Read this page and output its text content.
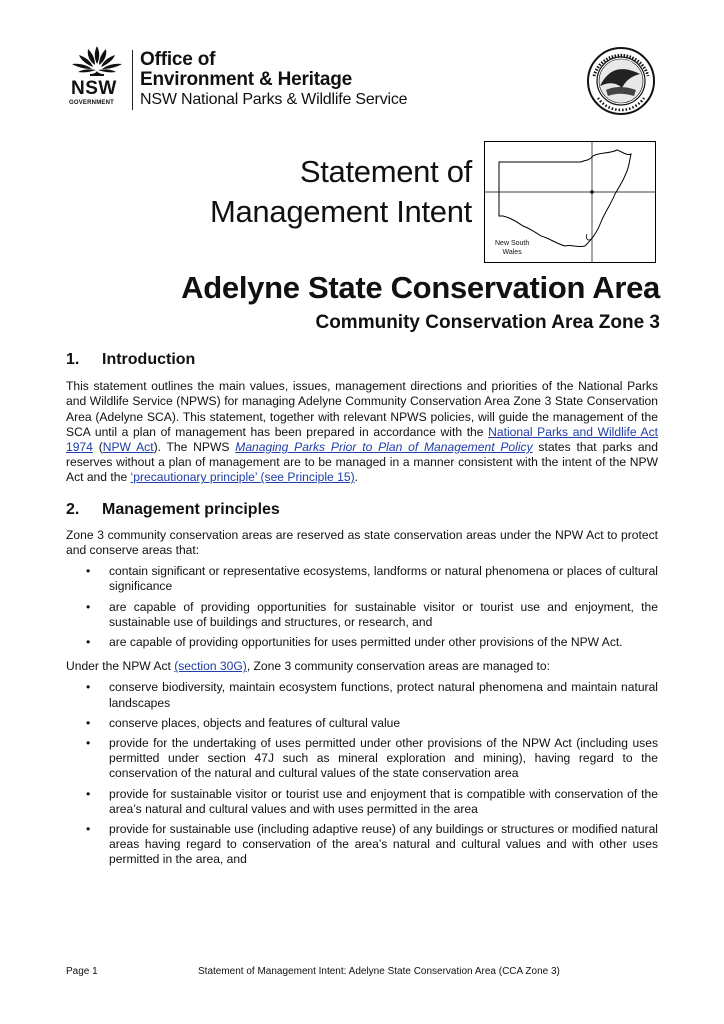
NSW
GOVERNMENT
Office of
Environment & Heritage
NSW National Parks & Wildlife Service
Statement of
Management Intent
New South
Wales
Adelyne State Conservation Area
Community Conservation Area Zone 3
1.	Introduction

This statement outlines the main values, issues, management directions and priorities of the National Parks and Wildlife Service (NPWS) for managing Adelyne Community Conservation Area Zone 3 State Conservation Area (Adelyne SCA). This statement, together with relevant NPWS policies, will guide the management of the SCA until a plan of management has been prepared in accordance with the National Parks and Wildlife Act 1974 (NPW Act). The NPWS Managing Parks Prior to Plan of Management Policy states that parks and reserves without a plan of management are to be managed in a manner consistent with the intent of the NPW Act and the ‘precautionary principle’ (see Principle 15).

2.	Management principles

Zone 3 community conservation areas are reserved as state conservation areas under the NPW Act to protect and conserve areas that:

• contain significant or representative ecosystems, landforms or natural phenomena or places of cultural significance
• are capable of providing opportunities for sustainable visitor or tourist use and enjoyment, the sustainable use of buildings and structures, or research, and
• are capable of providing opportunities for uses permitted under other provisions of the NPW Act.

Under the NPW Act (section 30G), Zone 3 community conservation areas are managed to:

• conserve biodiversity, maintain ecosystem functions, protect natural phenomena and maintain natural landscapes
• conserve places, objects and features of cultural value
• provide for the undertaking of uses permitted under other provisions of the NPW Act (including uses permitted under section 47J such as mineral exploration and mining), having regard to the conservation of the natural and cultural values of the state conservation area
• provide for sustainable visitor or tourist use and enjoyment that is compatible with conservation of the area’s natural and cultural values and with uses permitted in the area
• provide for sustainable use (including adaptive reuse) of any buildings or structures or modified natural areas having regard to conservation of the area’s natural and cultural values and with other uses permitted in the area, and
Page 1	Statement of Management Intent: Adelyne State Conservation Area (CCA Zone 3)
